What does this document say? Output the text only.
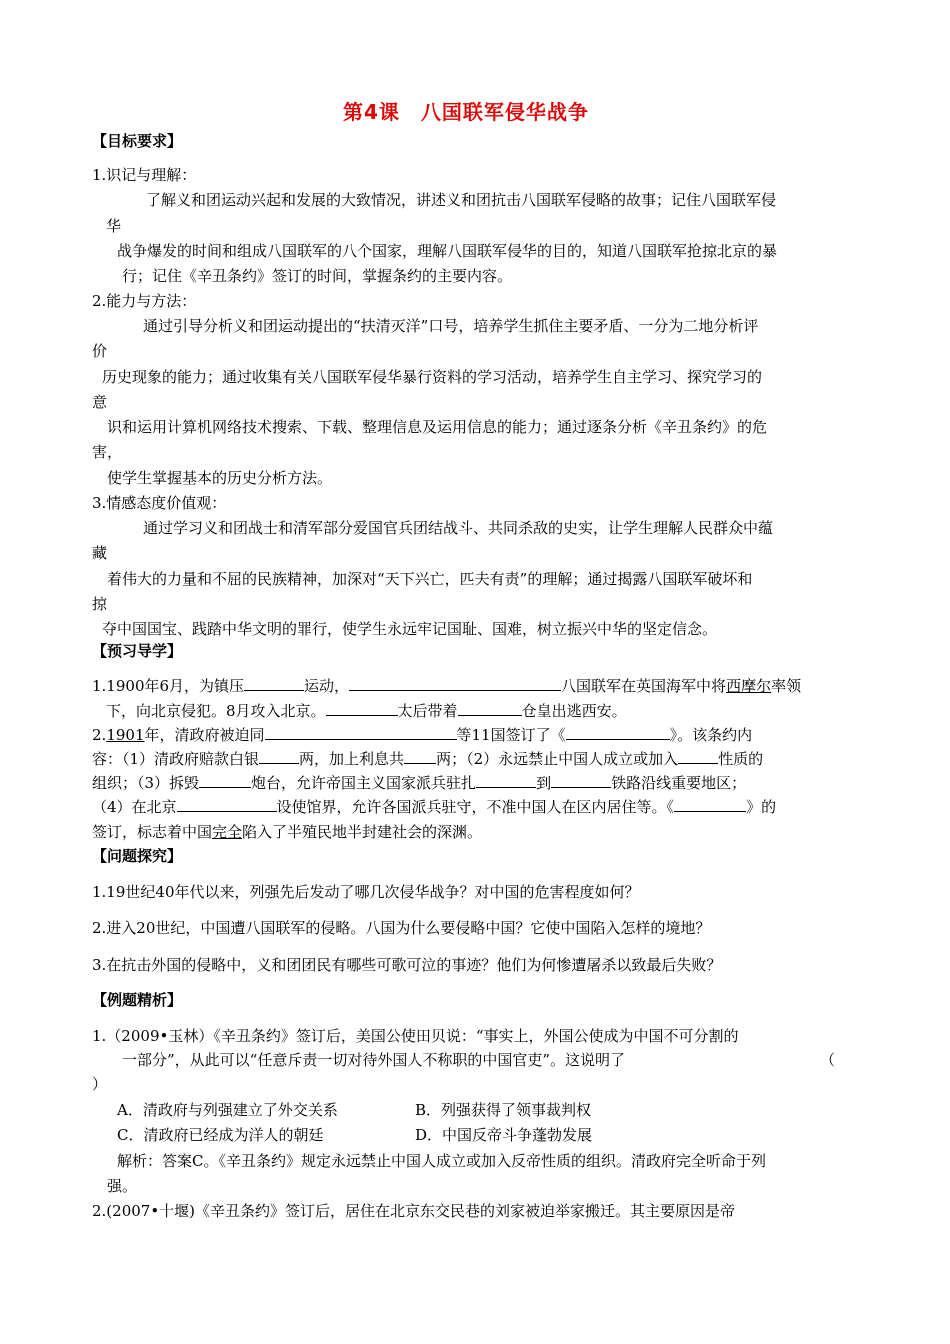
第4课　八国联军侵华战争
【目标要求】
1.识记与理解：
了解义和团运动兴起和发展的大致情况，讲述义和团抗击八国联军侵略的故事；记住八国联军侵
华
战争爆发的时间和组成八国联军的八个国家，理解八国联军侵华的目的，知道八国联军抢掠北京的暴
行；记住《辛丑条约》签订的时间，掌握条约的主要内容。
2.能力与方法：
通过引导分析义和团运动提出的“扶清灭洋”口号，培养学生抓住主要矛盾、一分为二地分析评
价
历史现象的能力；通过收集有关八国联军侵华暴行资料的学习活动，培养学生自主学习、探究学习的
意
识和运用计算机网络技术搜索、下载、整理信息及运用信息的能力；通过逐条分析《辛丑条约》的危
害，
使学生掌握基本的历史分析方法。
3.情感态度价值观：
通过学习义和团战士和清军部分爱国官兵团结战斗、共同杀敌的史实，让学生理解人民群众中蕴
藏
着伟大的力量和不屈的民族精神，加深对“天下兴亡，匹夫有责”的理解；通过揭露八国联军破坏和
掠
夺中国国宝、践踏中华文明的罪行，使学生永远牢记国耻、国难，树立振兴中华的坚定信念。
【预习导学】
1.1900年6月，为镇压	运动，	八国联军在英国海军中将西摩尔率领
下，向北京侵犯。8月攻入北京。	太后带着	仓皇出逃西安。
2.1901年，清政府被迫同	等11国签订了《	》。该条约内
容：（1）清政府赔款白银	两，加上利息共 两；（2）永远禁止中国人成立或加入	性质的
组织；（3）拆毁	炮台，允许帝国主义国家派兵驻扎	到	铁路沿线重要地区；
（4）在北京	设使馆界，允许各国派兵驻守，不准中国人在区内居住等。《	》的
签订，标志着中国完全陷入了半殖民地半封建社会的深渊。
【问题探究】
1.19世纪40年代以来，列强先后发动了哪几次侵华战争？对中国的危害程度如何？
2.进入20世纪，中国遭八国联军的侵略。八国为什么要侵略中国？它使中国陷入怎样的境地？
3.在抗击外国的侵略中，义和团团民有哪些可歌可泣的事迹？他们为何惨遭屠杀以致最后失败？
【例题精析】
1.（2009•玉林）《辛丑条约》签订后，美国公使田贝说：“事实上，外国公使成为中国不可分割的
一部分”，从此可以“任意斥责一切对待外国人不称职的中国官吏”。这说明了	（
）
A．清政府与列强建立了外交关系	B．列强获得了领事裁判权
C．清政府已经成为洋人的朝廷	D．中国反帝斗争蓬勃发展
解析：答案C。《辛丑条约》规定永远禁止中国人成立或加入反帝性质的组织。清政府完全听命于列
强。
2.(2007•十堰)《辛丑条约》签订后，居住在北京东交民巷的刘家被迫举家搬迁。其主要原因是帝
